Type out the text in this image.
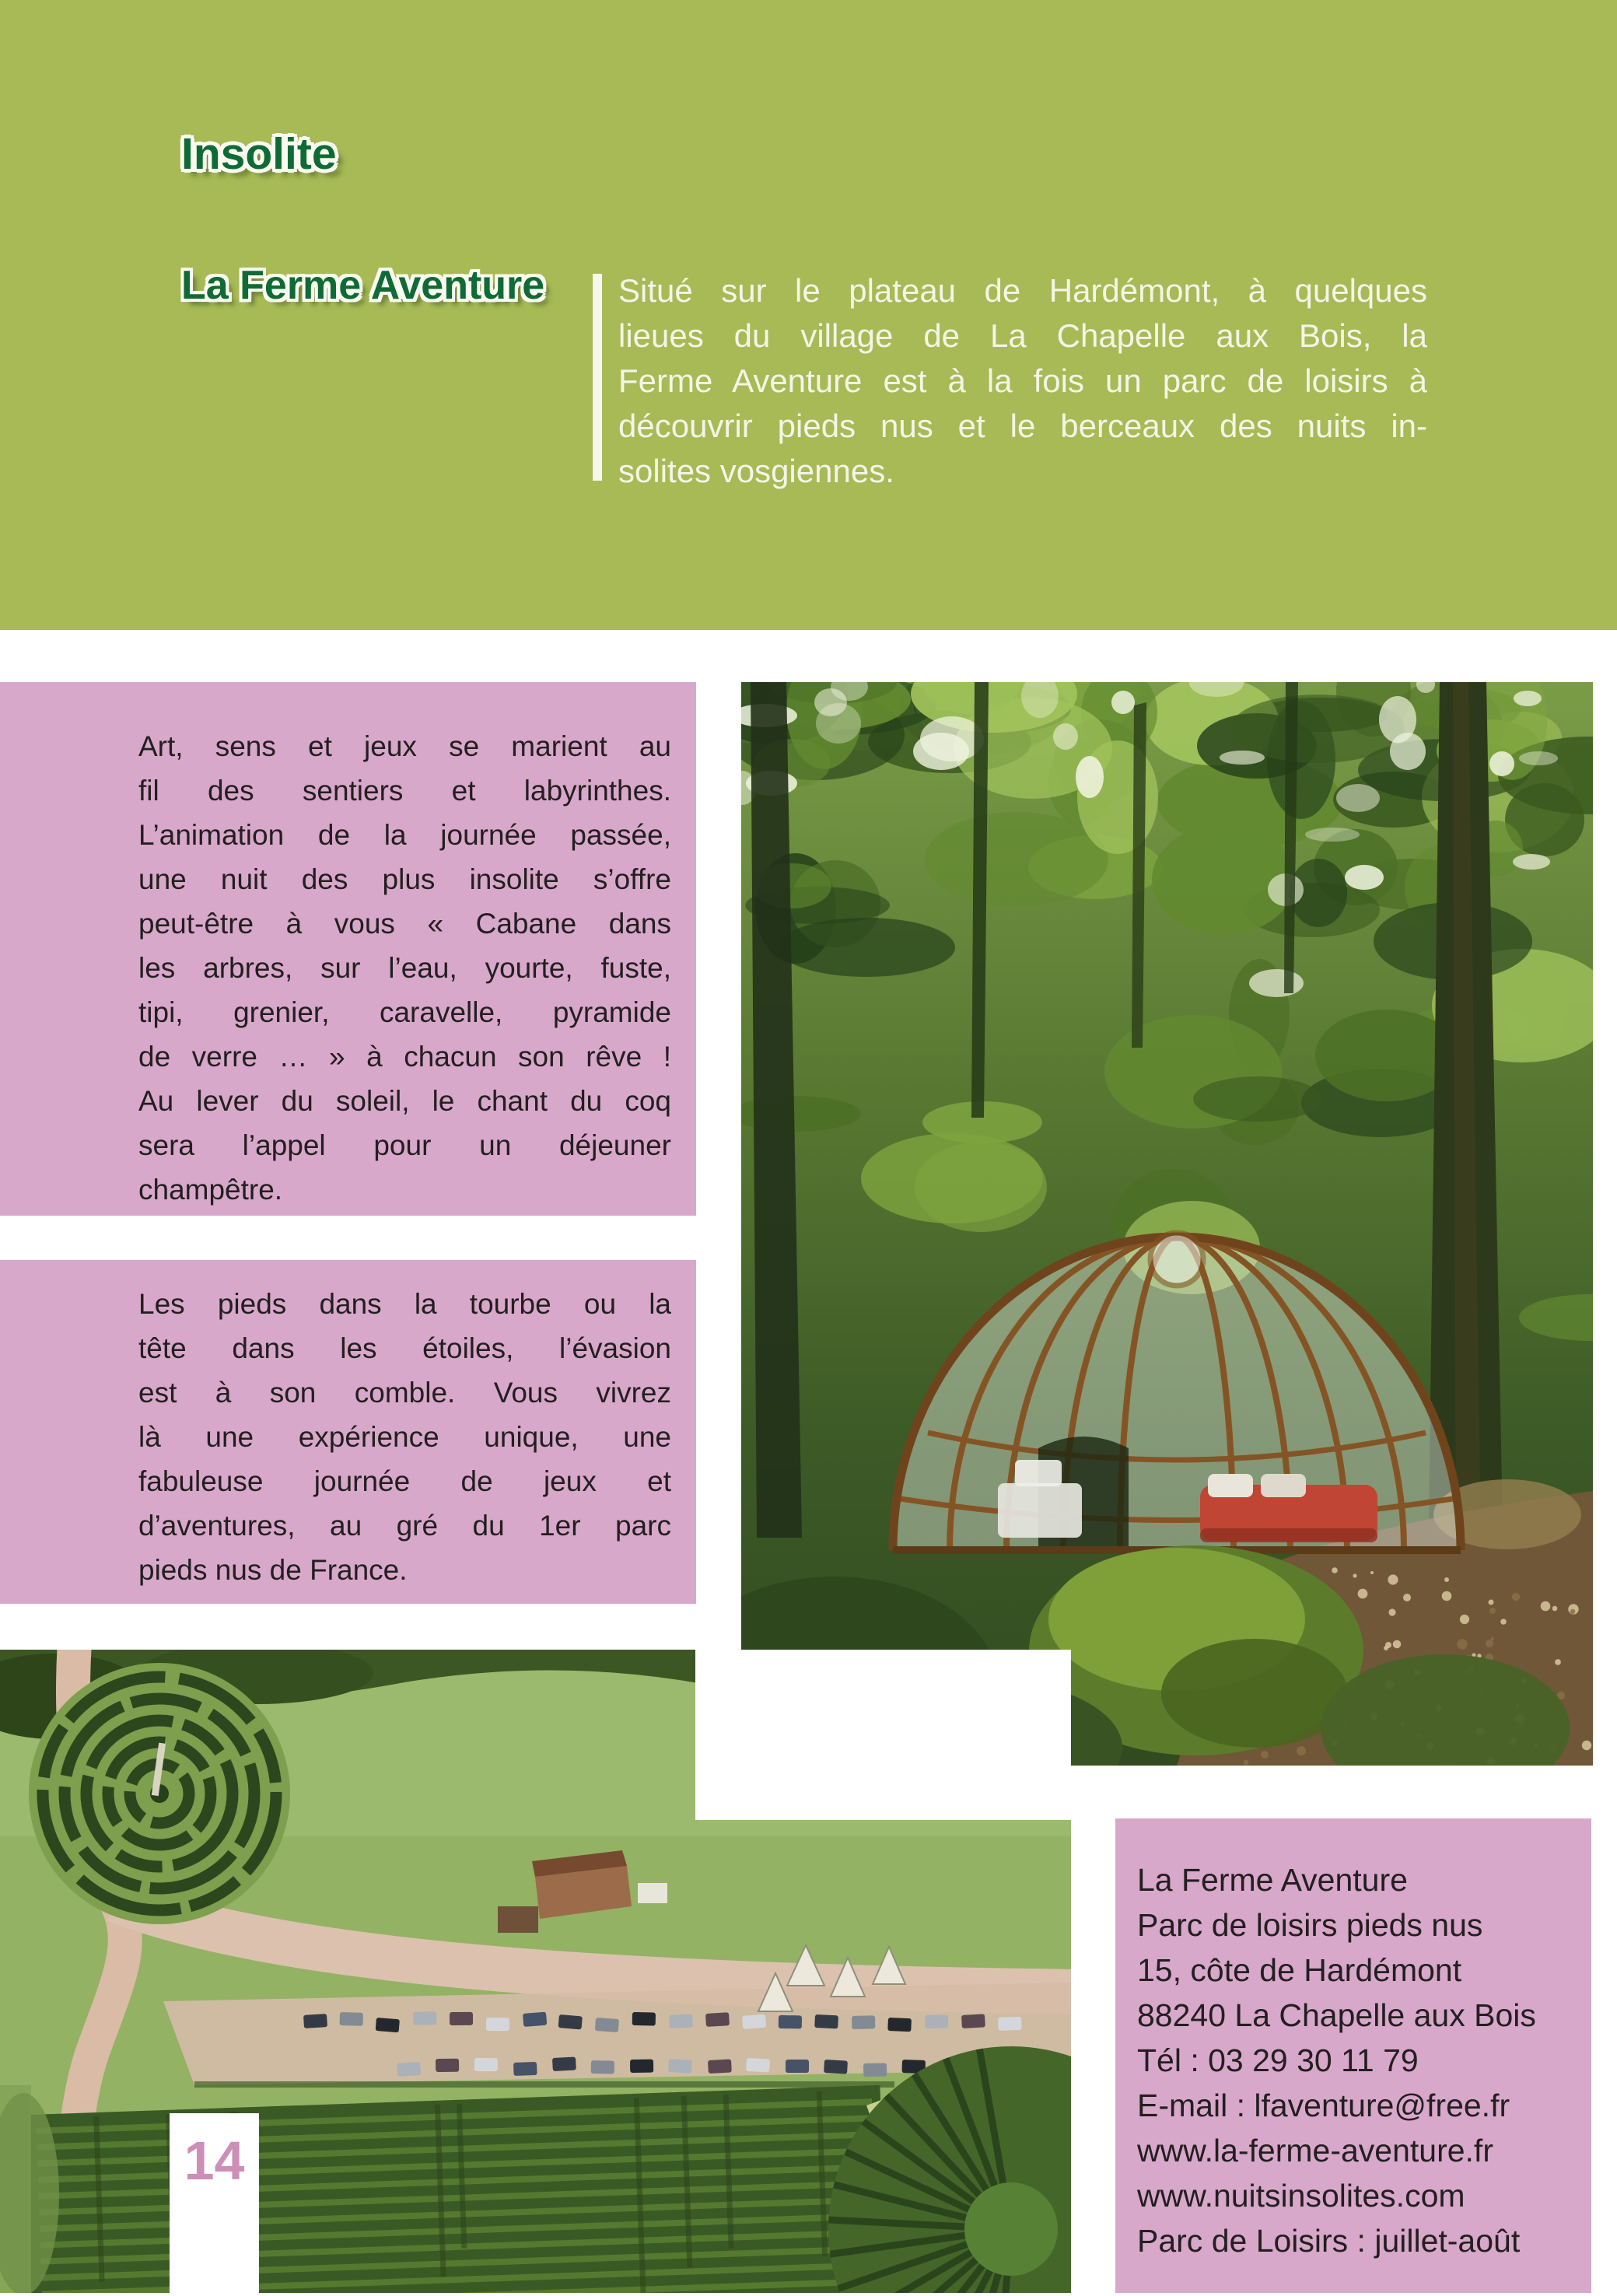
Insolite
La Ferme Aventure Situé sur le plateau de Hardémont, à quelques
lieues du village de La Chapelle aux Bois, la
Ferme Aventure est à la fois un parc de loisirs à
découvrir pieds nus et le berceaux des nuits in-
solites vosgiennes.
Art, sens et jeux se marient au
fil des sentiers et labyrinthes.
L’animation de la journée passée,
une nuit des plus insolite s’offre
peut-être à vous « Cabane dans
les arbres, sur l’eau, yourte, fuste,
tipi, grenier, caravelle, pyramide
de verre … » à chacun son rêve !
Au lever du soleil, le chant du coq
sera l’appel pour un déjeuner
champêtre.
Les pieds dans la tourbe ou la
tête dans les étoiles, l’évasion
est à son comble. Vous vivrez
là une expérience unique, une
fabuleuse journée de jeux et
d’aventures, au gré du 1er parc
pieds nus de France.
14
La Ferme Aventure
Parc de loisirs pieds nus
15, côte de Hardémont
88240 La Chapelle aux Bois
Tél : 03 29 30 11 79
E-mail : lfaventure@free.fr
www.la-ferme-aventure.fr
www.nuitsinsolites.com
Parc de Loisirs : juillet-août
